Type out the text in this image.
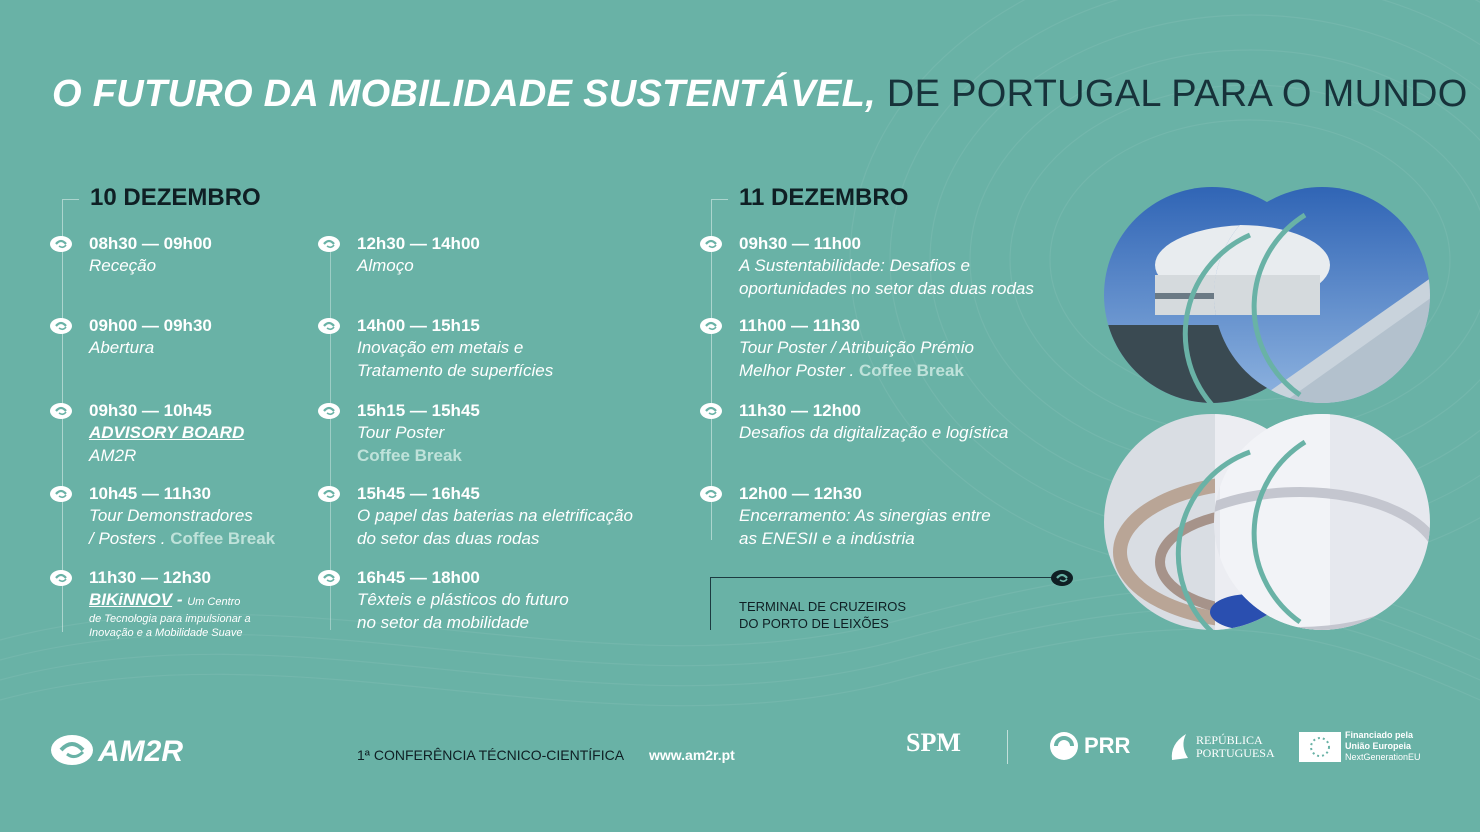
O FUTURO DA MOBILIDADE SUSTENTÁVEL, DE PORTUGAL PARA O MUNDO
10 DEZEMBRO
08h30 — 09h00
Receção
09h00 — 09h30
Abertura
09h30 — 10h45
ADVISORY BOARD
AM2R
10h45 — 11h30
Tour Demonstradores
/ Posters . Coffee Break
11h30 — 12h30
BIKiNNOV - Um Centro
de Tecnologia para impulsionar a
Inovação e a Mobilidade Suave
12h30 — 14h00
Almoço
14h00 — 15h15
Inovação em metais e
Tratamento de superfícies
15h15 — 15h45
Tour Poster
Coffee Break
15h45 — 16h45
O papel das baterias na eletrificação
do setor das duas rodas
16h45 — 18h00
Têxteis e plásticos do futuro
no setor da mobilidade
11 DEZEMBRO
09h30 — 11h00
A Sustentabilidade: Desafios e
oportunidades no setor das duas rodas
11h00 — 11h30
Tour Poster / Atribuição Prémio
Melhor Poster . Coffee Break
11h30 — 12h00
Desafios da digitalização e logística
12h00 — 12h30
Encerramento: As sinergias entre
as ENESII e a indústria
TERMINAL DE CRUZEIROS
DO PORTO DE LEIXÕES
AM2R	1ª CONFERÊNCIA TÉCNICO-CIENTÍFICA www.am2r.pt	SPM	PRR	REPÚBLICA
PORTUGUESA
Financiado pela
União Europeia
NextGenerationEU
